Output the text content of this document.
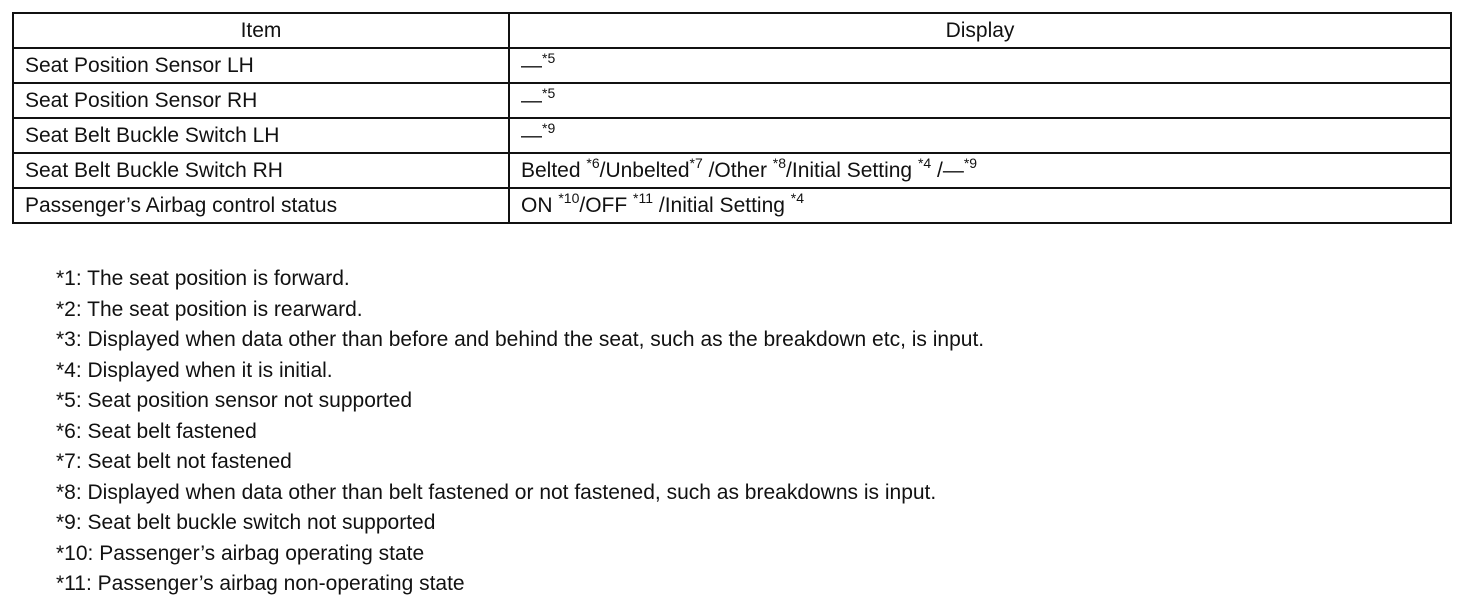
Item	Display
Seat Position Sensor LH	—$^{*5}$
Seat Position Sensor RH	—$^{*5}$
Seat Belt Buckle Switch LH	—$^{*9}$
Seat Belt Buckle Switch RH	Belted $^{*6}$/Unbelted$^{*7}$ /Other $^{*8}$/Initial Setting $^{*4}$ /—$^{*9}$
Passenger’s Airbag control status	ON $^{*10}$/OFF $^{*11}$ /Initial Setting $^{*4}$
*1: The seat position is forward.
*2: The seat position is rearward.
*3: Displayed when data other than before and behind the seat, such as the breakdown etc, is input.
*4: Displayed when it is initial.
*5: Seat position sensor not supported
*6: Seat belt fastened
*7: Seat belt not fastened
*8: Displayed when data other than belt fastened or not fastened, such as breakdowns is input.
*9: Seat belt buckle switch not supported
*10: Passenger’s airbag operating state
*11: Passenger’s airbag non-operating state
